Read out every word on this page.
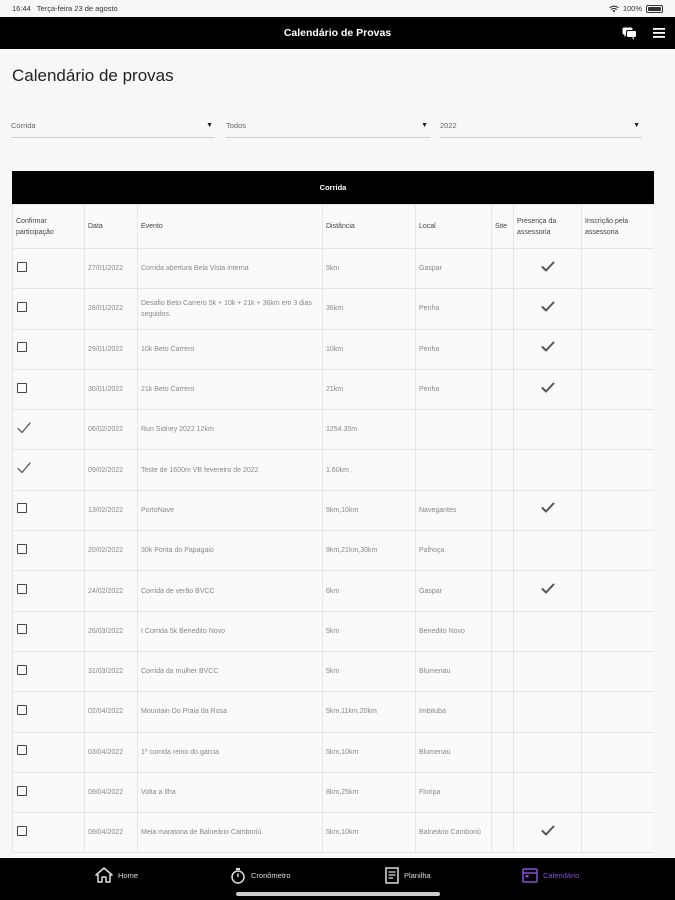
16:44 Terça-feira 23 de agosto	100%
Calendário de Provas
Calendário de provas
Corrida	▼ Todos	▼ 2022	▼
Corrida
Confirmar participação	Data	Evento	Distância	Local	Site	Presença da assessoria	Inscrição pela assessoria
	27/01/2022	Corrida abertura Bela Vista interna	5km	Gaspar			
	28/01/2022	Desafio Beto Carrero 5k + 10k + 21k + 36km em 3 dias seguidos.	36km	Penha			
	29/01/2022	10k Beto Carrero	10km	Penha			
	30/01/2022	21k Beto Carrero	21km	Penha			
	06/02/2022	Run Sidney 2022 12km	1254.35m				
	09/02/2022	Teste de 1600m VB fevereiro de 2022	1.60km ,				
	13/02/2022	PortoNave	5km,10km	Navegantes			
	20/02/2022	30k Ponta do Papagaio	9km,21km,30km	Palhoça			
	24/02/2022	Corrida de verão BVCC	6km	Gaspar			
	26/03/2022	I Corrida 5k Benedito Novo	5km	Benedito Novo			
	31/03/2022	Corrida da mulher BVCC	5km	Blumenau			
	02/04/2022	Mountain Do Praia da Rosa	5km,11km,20km	Imbituba			
	03/04/2022	1º corrida reino do garcia	5km,10km	Blumenau			
	09/04/2022	Volta a Ilha	8km,25km	Floripa			
	09/04/2022	Meia maratona de Balneário Camboriú	5km,10km	Balneário Camboriú			
Home	Cronômetro	Planilha	Calendário
